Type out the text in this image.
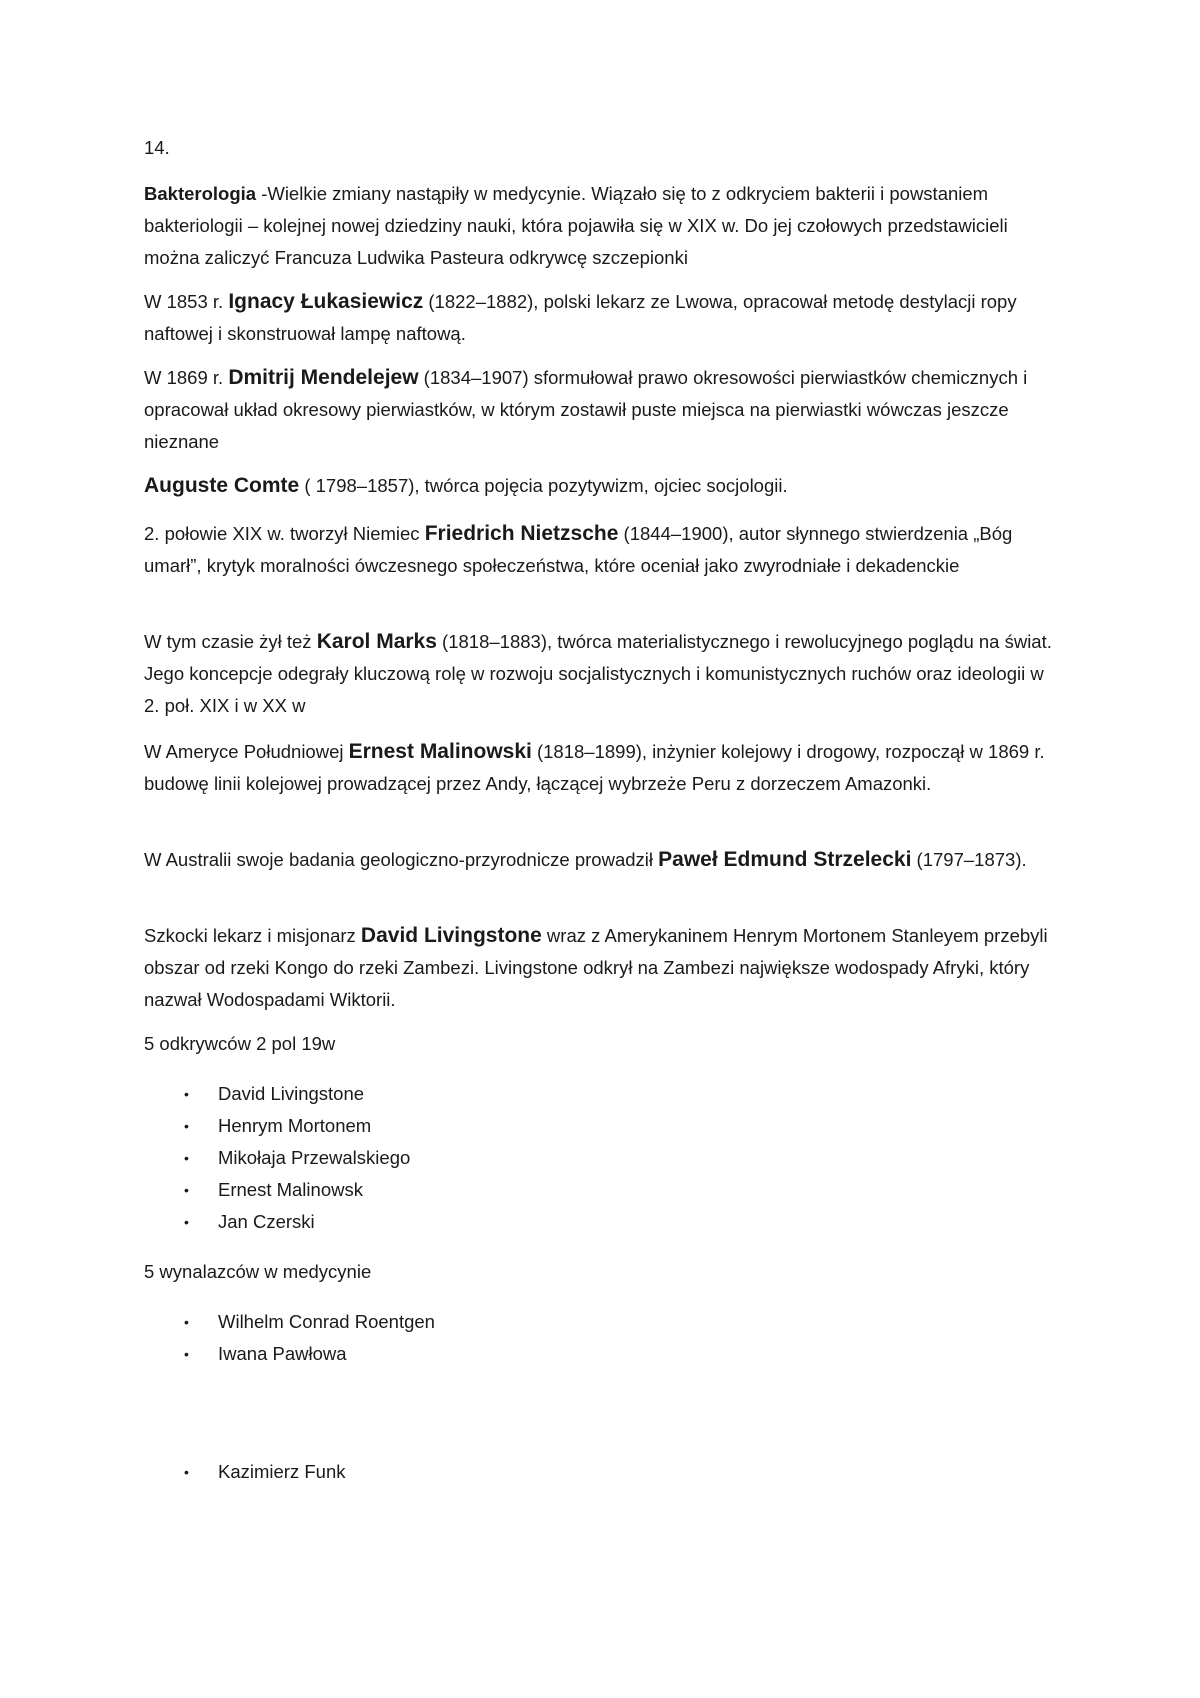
14.

Bakterologia -Wielkie zmiany nastąpiły w medycynie. Wiązało się to z odkryciem bakterii i powstaniem bakteriologii – kolejnej nowej dziedziny nauki, która pojawiła się w XIX w. Do jej czołowych przedstawicieli można zaliczyć Francuza Ludwika Pasteura odkrywcę szczepionki

W 1853 r. Ignacy Łukasiewicz (1822–1882), polski lekarz ze Lwowa, opracował metodę destylacji ropy naftowej i skonstruował lampę naftową.

W 1869 r. Dmitrij Mendelejew (1834–1907) sformułował prawo okresowości pierwiastków chemicznych i opracował układ okresowy pierwiastków, w którym zostawił puste miejsca na pierwiastki wówczas jeszcze nieznane

Auguste Comte ( 1798–1857), twórca pojęcia pozytywizm, ojciec socjologii.

2. połowie XIX w. tworzył Niemiec Friedrich Nietzsche (1844–1900), autor słynnego stwierdzenia „Bóg umarł”, krytyk moralności ówczesnego społeczeństwa, które oceniał jako zwyrodniałe i dekadenckie

W tym czasie żył też Karol Marks (1818–1883), twórca materialistycznego i rewolucyjnego poglądu na świat. Jego koncepcje odegrały kluczową rolę w rozwoju socjalistycznych i komunistycznych ruchów oraz ideologii w 2. poł. XIX i w XX w

W Ameryce Południowej Ernest Malinowski (1818–1899), inżynier kolejowy i drogowy, rozpoczął w 1869 r. budowę linii kolejowej prowadzącej przez Andy, łączącej wybrzeże Peru z dorzeczem Amazonki.

W Australii swoje badania geologiczno-przyrodnicze prowadził Paweł Edmund Strzelecki (1797–1873).

Szkocki lekarz i misjonarz David Livingstone wraz z Amerykaninem Henrym Mortonem Stanleyem przebyli obszar od rzeki Kongo do rzeki Zambezi. Livingstone odkrył na Zambezi największe wodospady Afryki, który nazwał Wodospadami Wiktorii.

5 odkrywców 2 pol 19w

• David Livingstone
• Henrym Mortonem
• Mikołaja Przewalskiego
• Ernest Malinowsk
• Jan Czerski

5 wynalazców w medycynie

• Wilhelm Conrad Roentgen
• Iwana Pawłowa
• Kazimierz Funk
